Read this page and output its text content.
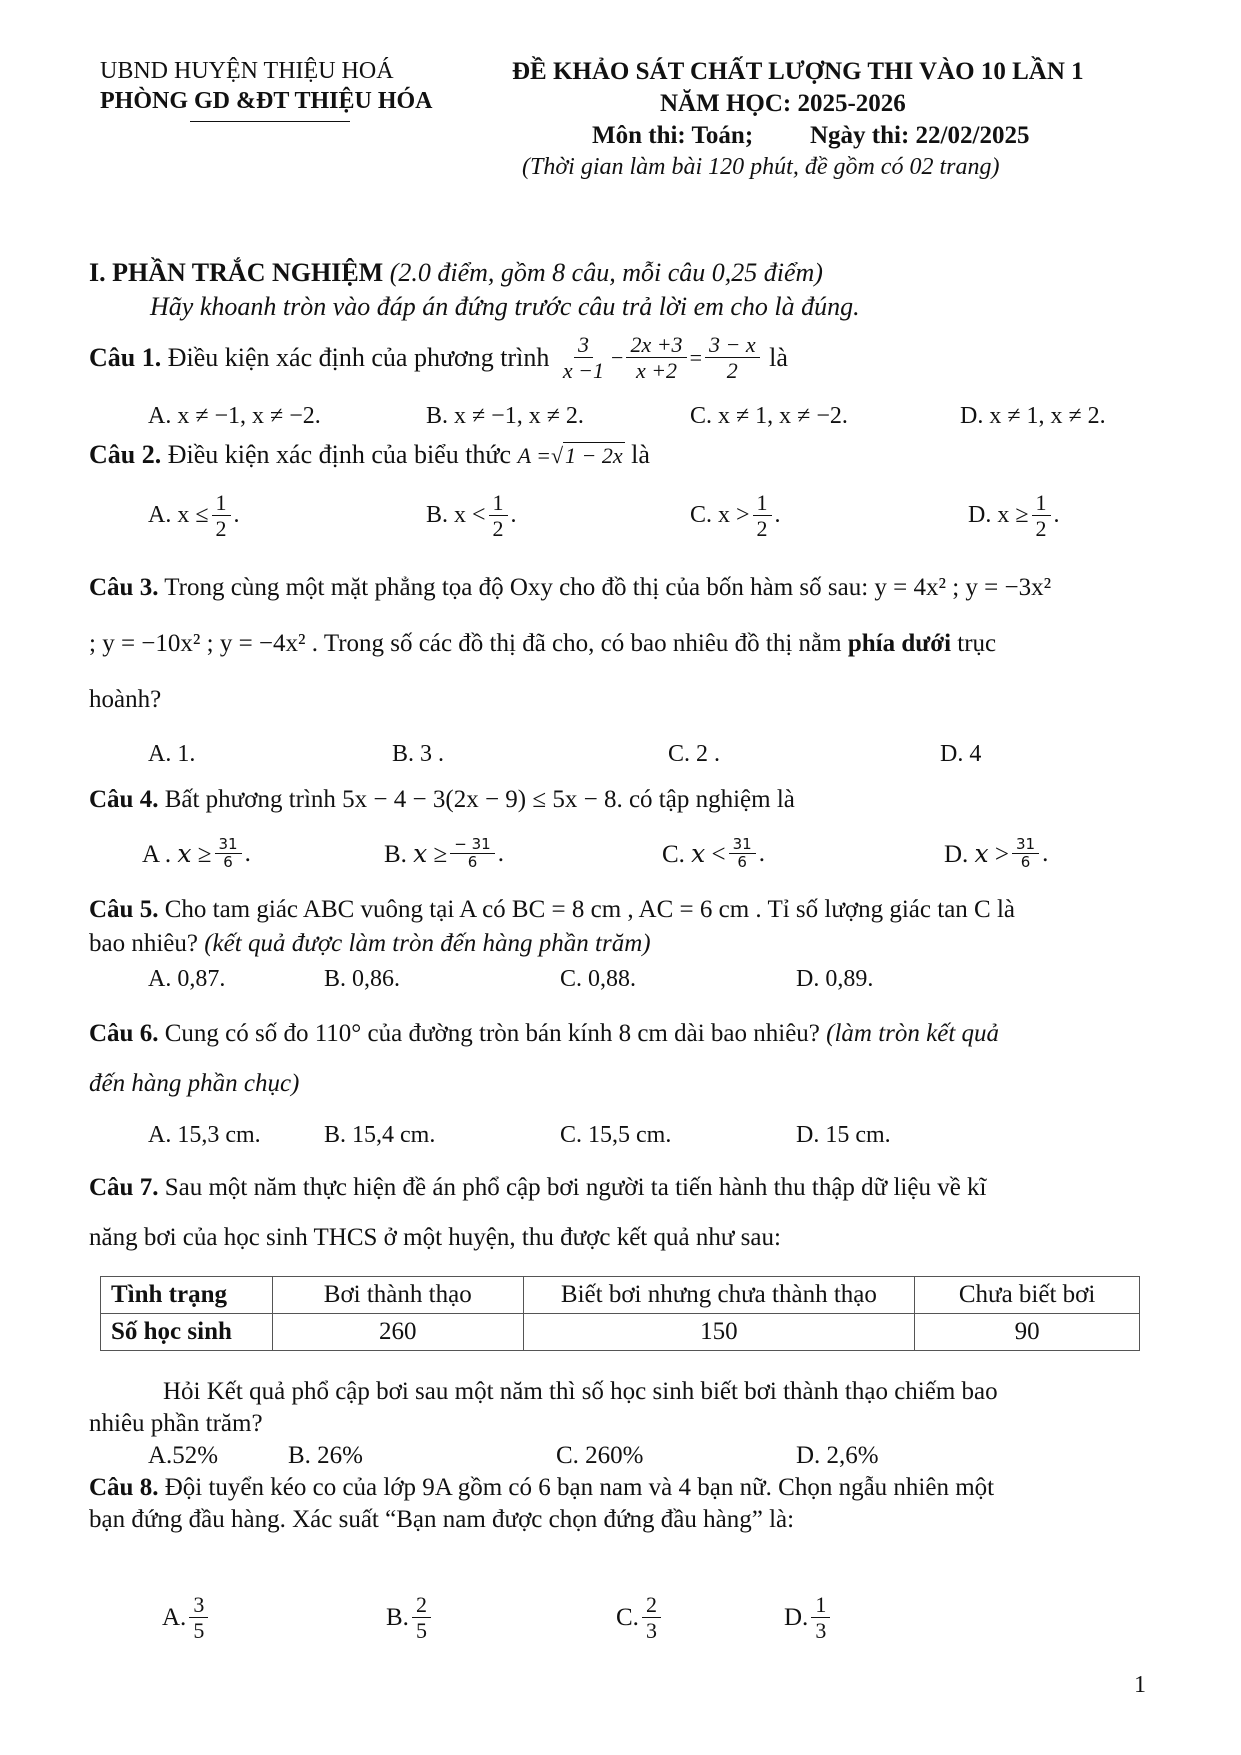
UBND HUYỆN THIỆU HOÁ
PHÒNG GD &ĐT THIỆU HÓA
ĐỀ KHẢO SÁT CHẤT LƯỢNG THI VÀO 10 LẦN 1
NĂM HỌC: 2025-2026
Môn thi: Toán; Ngày thi: 22/02/2025
(Thời gian làm bài 120 phút, đề gồm có 02 trang)
I. PHẦN TRẮC NGHIỆM (2.0 điểm, gồm 8 câu, mỗi câu 0,25 điểm)
Hãy khoanh tròn vào đáp án đứng trước câu trả lời em cho là đúng.
Câu 1.
Điều kiện xác định của phương trình
$\frac{3}{x -1} - \frac{2x +3}{x +2} = \frac{3 - x}{2}$
là
A. x ≠ −1, x ≠ −2.	B. x ≠ −1, x ≠ 2.	C. x ≠ 1, x ≠ −2.	D. x ≠ 1, x ≠ 2.
Câu 2. Điều kiện xác định của biểu thức A =√1 − 2x là
A. $x \le \frac{1}{2}$ .	B. $x < \frac{1}{2}$ .	C. $x > \frac{1}{2}$ .	D. $x \ge \frac{1}{2}$ .
Câu 3. Trong cùng một mặt phẳng tọa độ Oxy cho đồ thị của bốn hàm số sau: y = 4x² ; y = −3x²
; y = −10x² ; y = −4x² . Trong số các đồ thị đã cho, có bao nhiêu đồ thị nằm phía dưới trục
hoành?
A. 1.	B. 3 .	C. 2 .	D. 4
Câu 4. Bất phương trình 5x − 4 − 3(2x − 9) ≤ 5x − 8. có tập nghiệm là
A . 𝑥 ≥ $\frac{31}{6}$ .	B. 𝑥 ≥ $\frac{- 31}{6}$ .	C. 𝑥 < $\frac{31}{6}$ .	D. 𝑥 > $\frac{31}{6}$ .
Câu 5. Cho tam giác ABC vuông tại A có BC = 8 cm , AC = 6 cm . Tỉ số lượng giác tan C là
bao nhiêu? (kết quả được làm tròn đến hàng phần trăm)
A. 0,87.	B. 0,86.	C. 0,88.	D. 0,89.
Câu 6. Cung có số đo 110° của đường tròn bán kính 8 cm dài bao nhiêu? (làm tròn kết quả
đến hàng phần chục)
A. 15,3 cm.	B. 15,4 cm.	C. 15,5 cm.	D. 15 cm.
Câu 7. Sau một năm thực hiện đề án phổ cập bơi người ta tiến hành thu thập dữ liệu về kĩ
năng bơi của học sinh THCS ở một huyện, thu được kết quả như sau:
Tình trạng	Bơi thành thạo	Biết bơi nhưng chưa thành thạo	Chưa biết bơi
Số học sinh	260	150	90
Hỏi Kết quả phổ cập bơi sau một năm thì số học sinh biết bơi thành thạo chiếm bao
nhiêu phần trăm?
A.52%	B. 26%	C. 260%	D. 2,6%
Câu 8. Đội tuyển kéo co của lớp 9A gồm có 6 bạn nam và 4 bạn nữ. Chọn ngẫu nhiên một
bạn đứng đầu hàng. Xác suất “Bạn nam được chọn đứng đầu hàng” là:
A. $\frac{3}{5}$	B. $\frac{2}{5}$	C. $\frac{2}{3}$	D. $\frac{1}{3}$
1
